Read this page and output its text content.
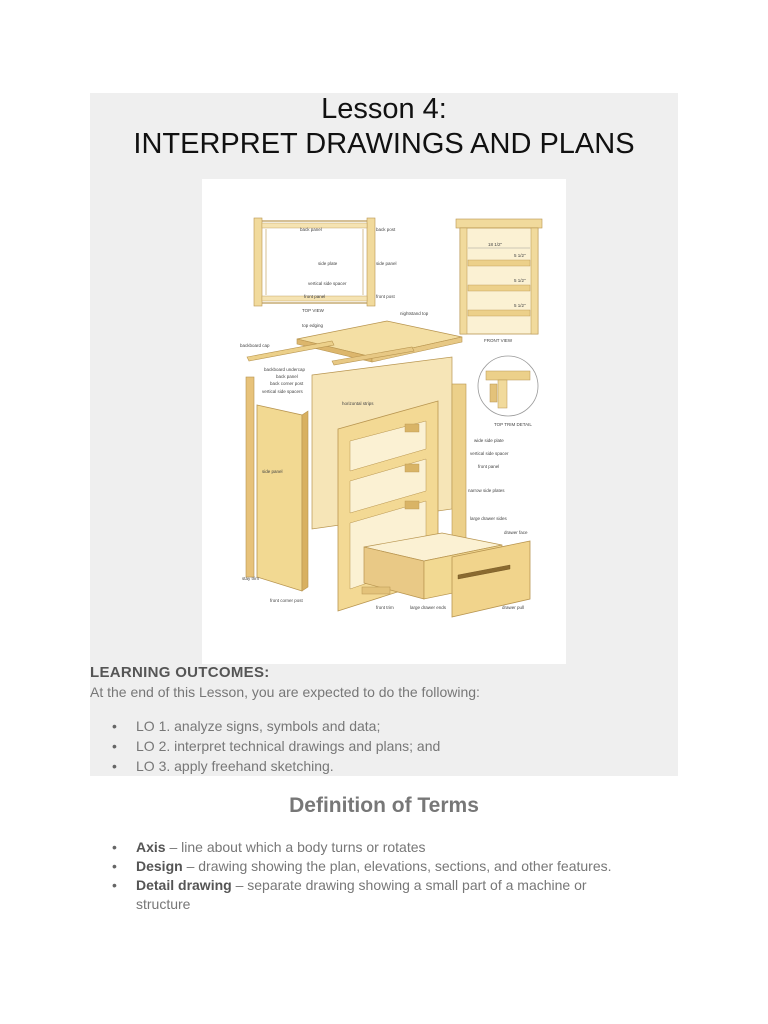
Lesson 4:
INTERPRET DRAWINGS AND PLANS
back panel	back post
side plate	side panel
vertical side spacer
front panel	front post
TOP VIEW
18 1/2"
5 1/2"
5 1/2"
5 1/2"
FRONT VIEW
TOP TRIM DETAIL
top edging
nightstand top
backboard cap
backboard undercap
back panel
back corner post
vertical side spacers
horizontal strips
side panel
stay trim
front corner post
wide side plate
vertical side spacer
front panel
narrow side plates
large drawer sides
drawer face
drawer pull
large drawer ends
front trim
LEARNING OUTCOMES:
At the end of this Lesson, you are expected to do the following:
• LO 1. analyze signs, symbols and data;
• LO 2. interpret technical drawings and plans; and
• LO 3. apply freehand sketching.
Definition of Terms
• Axis – line about which a body turns or rotates
• Design – drawing showing the plan, elevations, sections, and other features.
• Detail drawing – separate drawing showing a small part of a machine or structure
